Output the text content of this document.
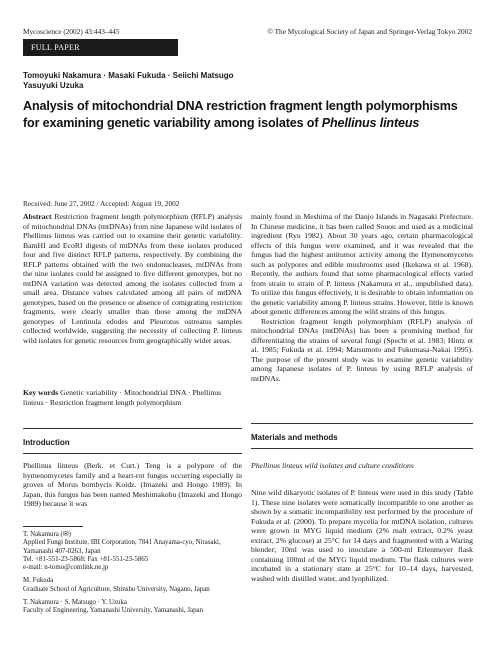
Mycoscience (2002) 43:443–445	© The Mycological Society of Japan and Springer-Verlag Tokyo 2002
FULL PAPER
Tomoyuki Nakamura · Masaki Fukuda · Seiichi Matsugo
Yasuyuki Uzuka
Analysis of mitochondrial DNA restriction fragment length polymorphisms
for examining genetic variability among isolates of Phellinus linteus
Received: June 27, 2002 / Accepted: August 19, 2002

Abstract Restriction fragment length polymorphism (RFLP) analysis of mitochondrial DNAs (mtDNAs) from nine Japanese wild isolates of Phellinus linteus was carried out to examine their genetic variability. BamHI and EcoRI digests of mtDNAs from these isolates produced four and five distinct RFLP patterns, respectively. By combining the RFLP patterns obtained with the two endonucleases, mtDNAs from the nine isolates could be assigned to five different genotypes, but no mtDNA variation was detected among the isolates collected from a small area. Distance values calculated among all pairs of mtDNA genotypes, based on the presence or absence of comigrating restriction fragments, were clearly smaller than those among the mtDNA genotypes of Lentinula edodes and Pleurotus ostreatus samples collected worldwide, suggesting the necessity of collecting P. linteus wild isolates for genetic resources from geographically wider areas.

Key words Genetic variability · Mitochondrial DNA · Phellinus linteus · Restriction fragment length polymorphism

Introduction

Phellinus linteus (Berk. et Curt.) Teng is a polypore of the hymenomycetes family and a heart-rot fungus occurring especially in groves of Morus bombycis Koidz. (Imazeki and Hongo 1989). In Japan, this fungus has been named Meshimakobu (Imazeki and Hongo 1989) because it was

T. Nakamura (✉)

Applied Fungi Institute, IBI Corporation, 7841 Anayama-cyo, Nirasaki, Yamanashi 407-0263, Japan

Tel. +81-551-23-5868; Fax +81-551-23-5865

e-mail: n-tomo@comlink.ne.jp

M. Fukuda

Graduate School of Agriculture, Shinshu University, Nagano, Japan

T. Nakamura · S. Matsugo · Y. Uzuka

Faculty of Engineering, Yamanashi University, Yamanashi, Japan

mainly found in Meshima of the Danjo Islands in Nagasaki Prefecture. In Chinese medicine, it has been called Souou and used as a medicinal ingredient (Ryu 1982). About 30 years ago, certain pharmacological effects of this fungus were examined, and it was revealed that the fungus had the highest antitumor activity among the Hymenomycetes such as polypores and edible mushrooms used (Ikekawa et al. 1968). Recently, the authors found that some pharmacological effects varied from strain to strain of P. linteus (Nakamura et al., unpublished data). To utilize this fungus effectively, it is desirable to obtain information on the genetic variability among P. linteus strains. However, little is known about genetic differences among the wild strains of this fungus.

Restriction fragment length polymorphism (RFLP) analysis of mitochondrial DNAs (mtDNAs) has been a promising method for differentiating the strains of several fungi (Specht et al. 1983; Hintz et al. 1985; Fukuda et al. 1994; Matsumoto and Fukumasa-Nakai 1995). The purpose of the present study was to examine genetic variability among Japanese isolates of P. linteus by using RFLP analysis of mtDNAs.

Materials and methods

Phellinus linteus wild isolates and culture conditions

Nine wild dikaryotic isolates of P. linteus were used in this study (Table 1). These nine isolates were somatically incompatible to one another as shown by a somatic incompatibility test performed by the procedure of Fukuda et al. (2000). To prepare mycelia for mtDNA isolation, cultures were grown in MYG liquid medium (2% malt extract, 0.2% yeast extract, 2% glucose) at 25°C for 14 days and fragmented with a Waring blender; 10ml was used to inoculate a 500-ml Erlenmeyer flask containing 100ml of the MYG liquid medium. The flask cultures were incubated in a stationary state at 25°C for 10–14 days, harvested, washed with distilled water, and lyophilized.
